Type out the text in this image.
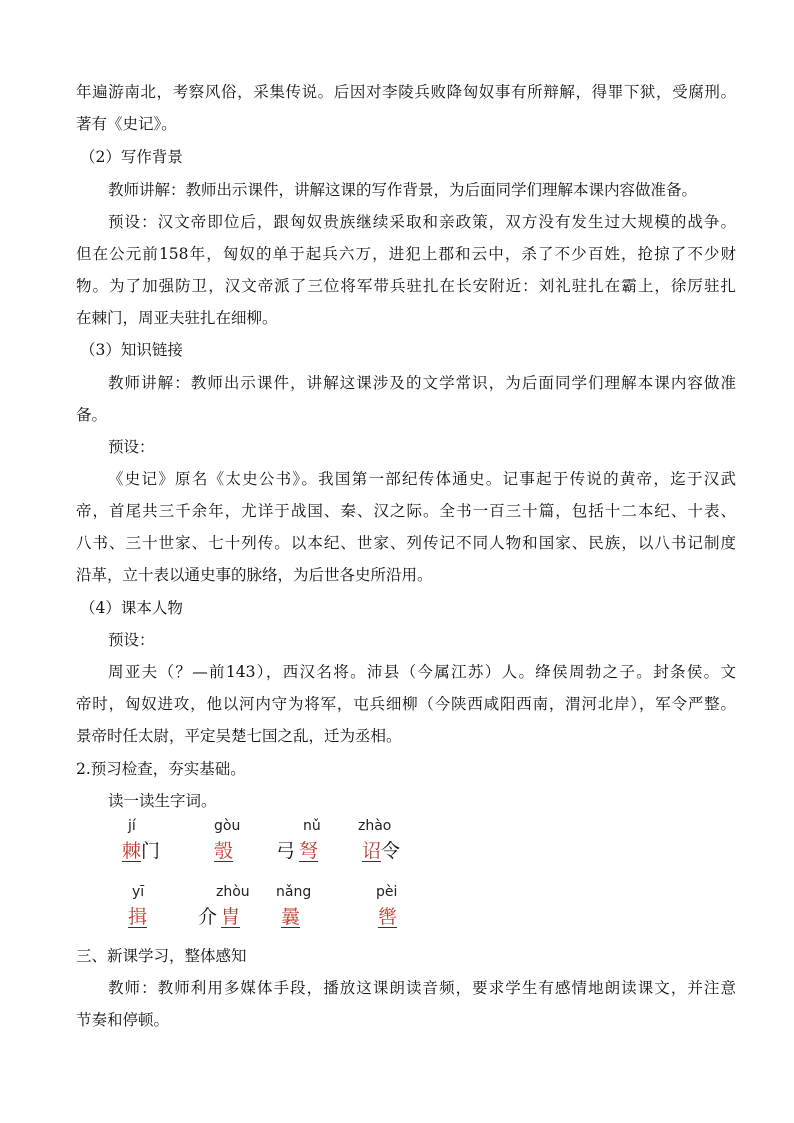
年遍游南北，考察风俗，采集传说。后因对李陵兵败降匈奴事有所辩解，得罪下狱，受腐刑。
著有《史记》。
（2）写作背景
教师讲解：教师出示课件，讲解这课的写作背景，为后面同学们理解本课内容做准备。
预设：汉文帝即位后，跟匈奴贵族继续采取和亲政策，双方没有发生过大规模的战争。
但在公元前158年，匈奴的单于起兵六万，进犯上郡和云中，杀了不少百姓，抢掠了不少财
物。为了加强防卫，汉文帝派了三位将军带兵驻扎在长安附近：刘礼驻扎在霸上，徐厉驻扎
在棘门，周亚夫驻扎在细柳。
（3）知识链接
教师讲解：教师出示课件，讲解这课涉及的文学常识，为后面同学们理解本课内容做准
备。
预设：
《史记》原名《太史公书》。我国第一部纪传体通史。记事起于传说的黄帝，迄于汉武
帝，首尾共三千余年，尤详于战国、秦、汉之际。全书一百三十篇，包括十二本纪、十表、
八书、三十世家、七十列传。以本纪、世家、列传记不同人物和国家、民族，以八书记制度
沿革，立十表以通史事的脉络，为后世各史所沿用。
（4）课本人物
预设：
周亚夫（？—前143），西汉名将。沛县（今属江苏）人。绛侯周勃之子。封条侯。文
帝时，匈奴进攻，他以河内守为将军，屯兵细柳（今陕西咸阳西南，渭河北岸），军令严整。
景帝时任太尉，平定吴楚七国之乱，迁为丞相。
2.预习检查，夯实基础。
读一读生字词。
jí
棘门
gòu
彀
nǔ
弓 弩
zhào
诏令
yī
揖
zhòu
介 胄
nǎng
曩
pèi
辔
三、新课学习，整体感知
教师：教师利用多媒体手段，播放这课朗读音频，要求学生有感情地朗读课文，并注意
节奏和停顿。
